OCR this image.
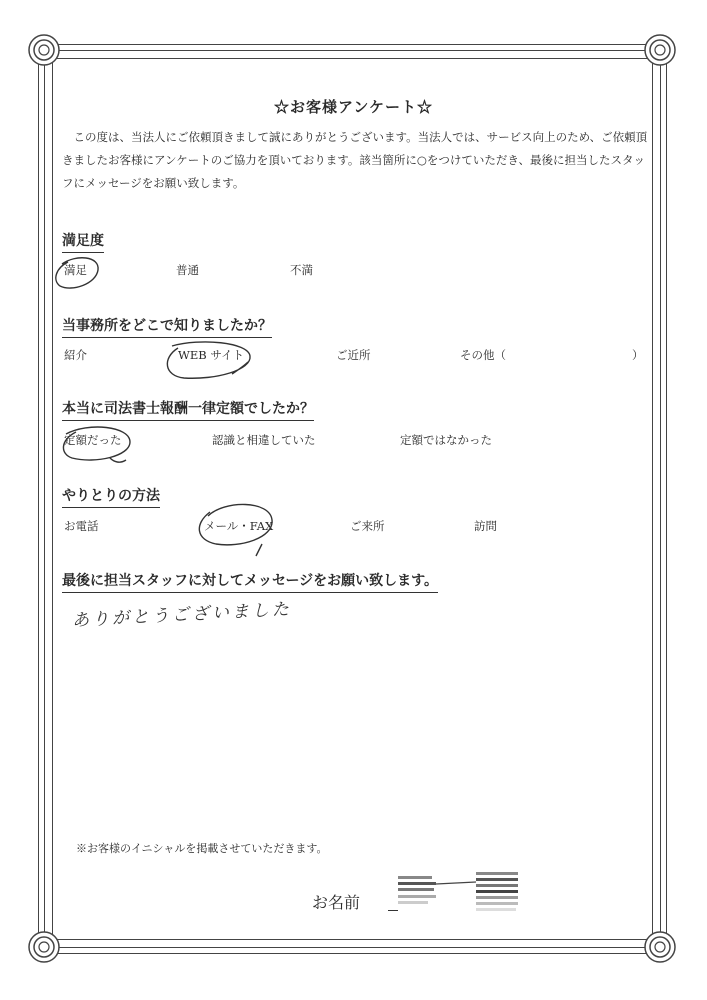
☆お客様アンケート☆
この度は、当法人にご依頼頂きまして誠にありがとうございます。当法人では、サービス向上のため、ご依頼頂きましたお客様にアンケートのご協力を頂いております。該当箇所に○をつけていただき、最後に担当したスタッフにメッセージをお願い致します。
満足度
満足	普通	不満
当事務所をどこで知りましたか？
紹介	WEB サイト	ご近所	その他（	）
本当に司法書士報酬一律定額でしたか？
定額だった	認識と相違していた	定額ではなかった
やりとりの方法
お電話	メール・FAX	ご来所	訪問
最後に担当スタッフに対してメッセージをお願い致します。
ありがとうございました
※お客様のイニシャルを掲載させていただきます。
お名前
